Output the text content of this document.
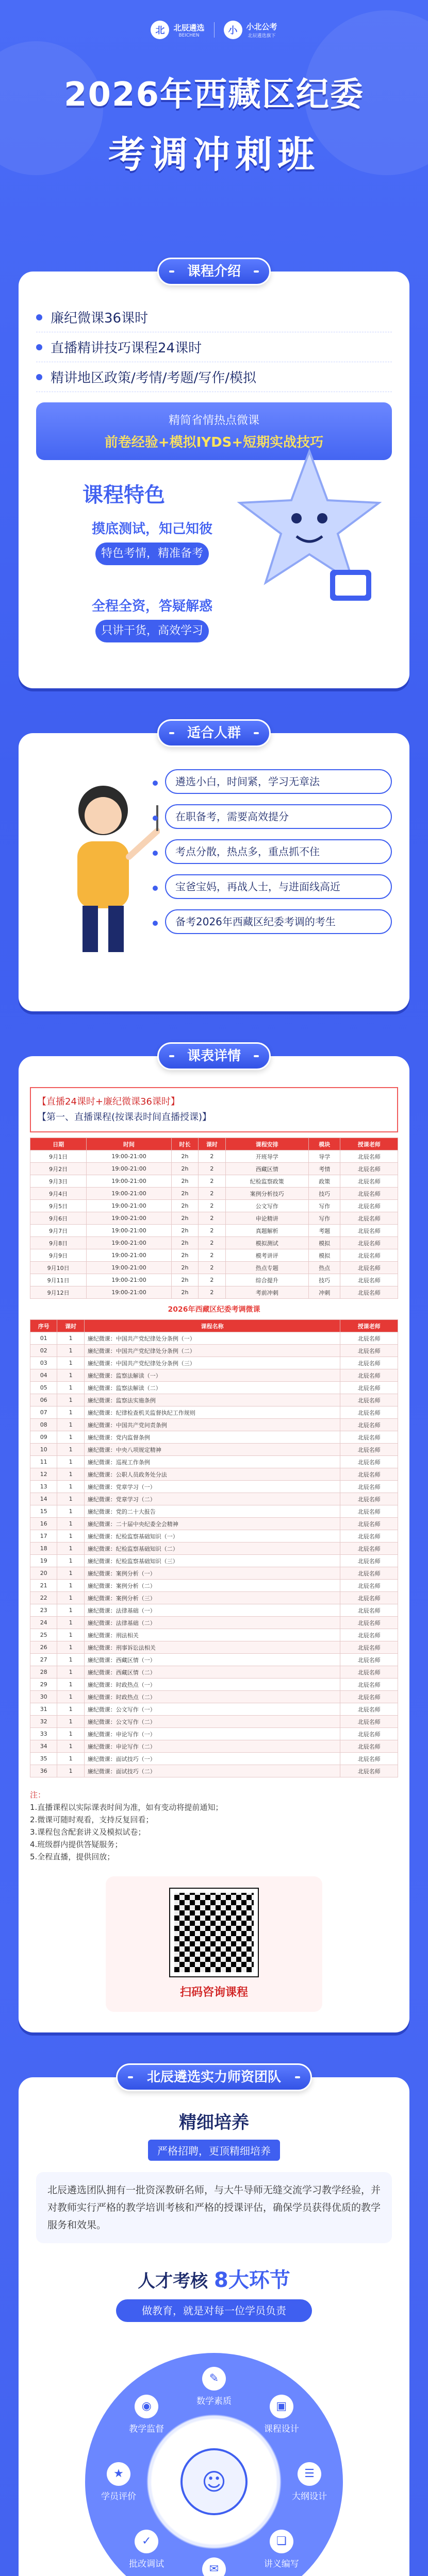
北	北辰遴选
BEICHEN	小	小北公考
北辰遴选旗下
2026年西藏区纪委
考调冲刺班
课程介绍
廉纪微课36课时
直播精讲技巧课程24课时
精讲地区政策/考情/考题/写作/模拟
精简省情热点微课
前卷经验+模拟IYDS+短期实战技巧
课程特色
摸底测试，知己知彼
特色考情，精准备考
全程全资，答疑解惑
只讲干货，高效学习
适合人群
遴选小白，时间紧，学习无章法
在职备考，需要高效提分
考点分散，热点多，重点抓不住
宝爸宝妈，再战人士，与进面线高近
备考2026年西藏区纪委考调的考生
课表详情
【直播24课时+廉纪微课36课时】
【第一、直播课程(按课表时间直播授课)】
日期	时间	时长	课时	课程安排	模块	授课老师
9月1日	19:00-21:00	2h	2	开班导学	导学	北辰名师
9月2日	19:00-21:00	2h	2	西藏区情	考情	北辰名师
9月3日	19:00-21:00	2h	2	纪检监察政策	政策	北辰名师
9月4日	19:00-21:00	2h	2	案例分析技巧	技巧	北辰名师
9月5日	19:00-21:00	2h	2	公文写作	写作	北辰名师
9月6日	19:00-21:00	2h	2	申论精讲	写作	北辰名师
9月7日	19:00-21:00	2h	2	真题解析	考题	北辰名师
9月8日	19:00-21:00	2h	2	模拟测试	模拟	北辰名师
9月9日	19:00-21:00	2h	2	模考讲评	模拟	北辰名师
9月10日	19:00-21:00	2h	2	热点专题	热点	北辰名师
9月11日	19:00-21:00	2h	2	综合提升	技巧	北辰名师
9月12日	19:00-21:00	2h	2	考前冲刺	冲刺	北辰名师
2026年西藏区纪委考调微课
序号	课时	课程名称	授课老师
01	1	廉纪微课：中国共产党纪律处分条例（一）	北辰名师
02	1	廉纪微课：中国共产党纪律处分条例（二）	北辰名师
03	1	廉纪微课：中国共产党纪律处分条例（三）	北辰名师
04	1	廉纪微课：监察法解读（一）	北辰名师
05	1	廉纪微课：监察法解读（二）	北辰名师
06	1	廉纪微课：监察法实施条例	北辰名师
07	1	廉纪微课：纪律检查机关监督执纪工作规则	北辰名师
08	1	廉纪微课：中国共产党问责条例	北辰名师
09	1	廉纪微课：党内监督条例	北辰名师
10	1	廉纪微课：中央八项规定精神	北辰名师
11	1	廉纪微课：巡视工作条例	北辰名师
12	1	廉纪微课：公职人员政务处分法	北辰名师
13	1	廉纪微课：党章学习（一）	北辰名师
14	1	廉纪微课：党章学习（二）	北辰名师
15	1	廉纪微课：党的二十大报告	北辰名师
16	1	廉纪微课：二十届中央纪委全会精神	北辰名师
17	1	廉纪微课：纪检监察基础知识（一）	北辰名师
18	1	廉纪微课：纪检监察基础知识（二）	北辰名师
19	1	廉纪微课：纪检监察基础知识（三）	北辰名师
20	1	廉纪微课：案例分析（一）	北辰名师
21	1	廉纪微课：案例分析（二）	北辰名师
22	1	廉纪微课：案例分析（三）	北辰名师
23	1	廉纪微课：法律基础（一）	北辰名师
24	1	廉纪微课：法律基础（二）	北辰名师
25	1	廉纪微课：刑法相关	北辰名师
26	1	廉纪微课：刑事诉讼法相关	北辰名师
27	1	廉纪微课：西藏区情（一）	北辰名师
28	1	廉纪微课：西藏区情（二）	北辰名师
29	1	廉纪微课：时政热点（一）	北辰名师
30	1	廉纪微课：时政热点（二）	北辰名师
31	1	廉纪微课：公文写作（一）	北辰名师
32	1	廉纪微课：公文写作（二）	北辰名师
33	1	廉纪微课：申论写作（一）	北辰名师
34	1	廉纪微课：申论写作（二）	北辰名师
35	1	廉纪微课：面试技巧（一）	北辰名师
36	1	廉纪微课：面试技巧（二）	北辰名师
注：
1.直播课程以实际课表时间为准，如有变动将提前通知；
2.微课可随时观看，支持反复回看；
3.课程包含配套讲义及模拟试卷；
4.班级群内提供答疑服务；
5.全程直播，提供回放；
扫码咨询课程
北辰遴选实力师资团队
精细培养
严格招聘，更顶精细培养
北辰遴选团队拥有一批资深教研名师，与大牛导师无缝交流学习教学经验，并对教师实行严格的教学培训考核和严格的授课评估，确保学员获得优质的教学服务和效果。
人才考核 8大环节
做教育，就是对每一位学员负责
✎
数学素质	▣
课程设计
☰
大纲设计
❏
讲义编写
✉
✓
批改调试
★
学员评价
◉
教学监督
☺
